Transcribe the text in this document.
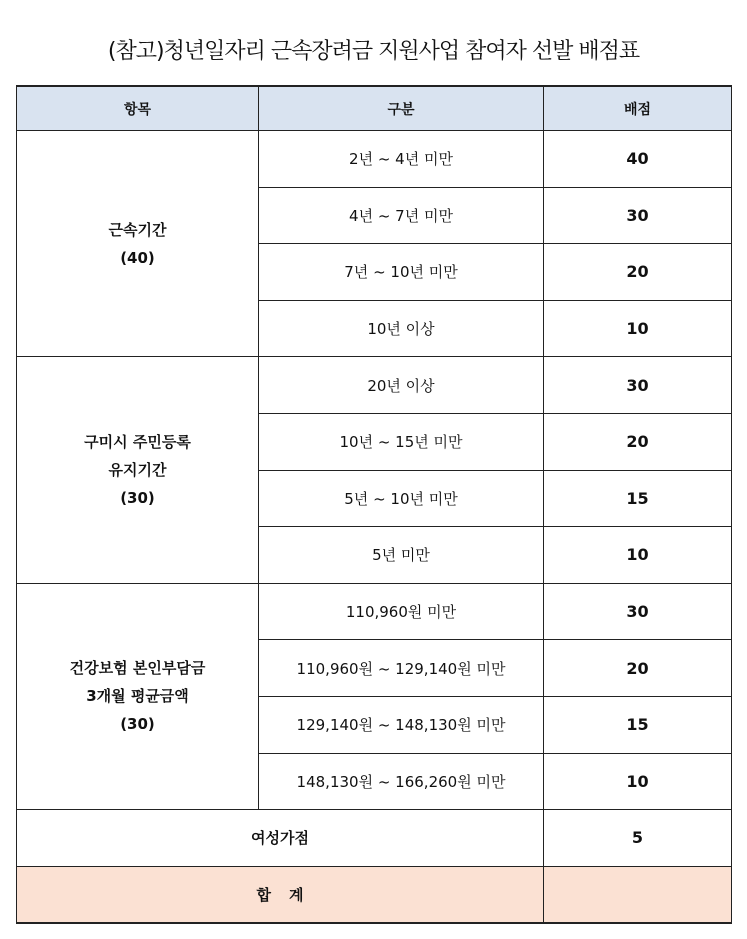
(참고)청년일자리 근속장려금 지원사업 참여자 선발 배점표
항목	구분	배점

근속기간
(40)	2년 ~ 4년 미만	40
	4년 ~ 7년 미만	30
	7년 ~ 10년 미만	20
	10년 이상	10

구미시 주민등록
유지기간
(30)	20년 이상	30
	10년 ~ 15년 미만	20
	5년 ~ 10년 미만	15
	5년 미만	10

건강보험 본인부담금
3개월 평균금액
(30)	110,960원 미만	30
	110,960원 ~ 129,140원 미만	20
	129,140원 ~ 148,130원 미만	15
	148,130원 ~ 166,260원 미만	10
여성가점		5
합계		
